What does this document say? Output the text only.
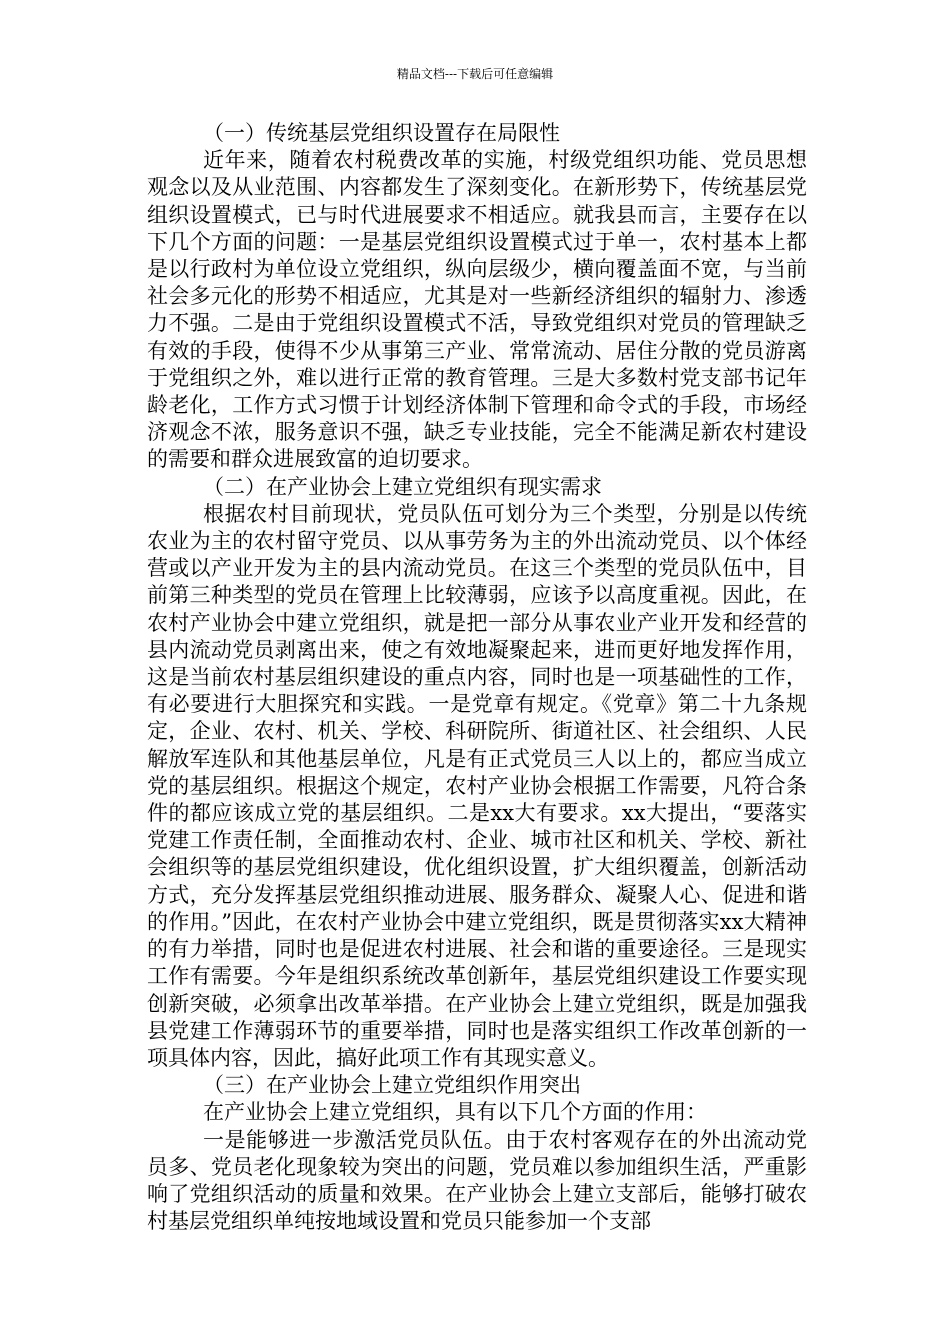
精品文档---下载后可任意编辑

（一）传统基层党组织设置存在局限性

近年来，随着农村税费改革的实施，村级党组织功能、党员思想观念以及从业范围、内容都发生了深刻变化。在新形势下，传统基层党组织设置模式，已与时代进展要求不相适应。就我县而言，主要存在以下几个方面的问题：一是基层党组织设置模式过于单一，农村基本上都是以行政村为单位设立党组织，纵向层级少，横向覆盖面不宽，与当前社会多元化的形势不相适应，尤其是对一些新经济组织的辐射力、渗透力不强。二是由于党组织设置模式不活，导致党组织对党员的管理缺乏有效的手段，使得不少从事第三产业、常常流动、居住分散的党员游离于党组织之外，难以进行正常的教育管理。三是大多数村党支部书记年龄老化，工作方式习惯于计划经济体制下管理和命令式的手段，市场经济观念不浓，服务意识不强，缺乏专业技能，完全不能满足新农村建设的需要和群众进展致富的迫切要求。

（二）在产业协会上建立党组织有现实需求

根据农村目前现状，党员队伍可划分为三个类型，分别是以传统农业为主的农村留守党员、以从事劳务为主的外出流动党员、以个体经营或以产业开发为主的县内流动党员。在这三个类型的党员队伍中，目前第三种类型的党员在管理上比较薄弱，应该予以高度重视。因此，在农村产业协会中建立党组织，就是把一部分从事农业产业开发和经营的县内流动党员剥离出来，使之有效地凝聚起来，进而更好地发挥作用，这是当前农村基层组织建设的重点内容，同时也是一项基础性的工作，有必要进行大胆探究和实践。一是党章有规定。《党章》第二十九条规定，企业、农村、机关、学校、科研院所、街道社区、社会组织、人民解放军连队和其他基层单位，凡是有正式党员三人以上的，都应当成立党的基层组织。根据这个规定，农村产业协会根据工作需要，凡符合条件的都应该成立党的基层组织。二是xx大有要求。xx大提出，“要落实党建工作责任制，全面推动农村、企业、城市社区和机关、学校、新社会组织等的基层党组织建设，优化组织设置，扩大组织覆盖，创新活动方式，充分发挥基层党组织推动进展、服务群众、凝聚人心、促进和谐的作用。”因此，在农村产业协会中建立党组织，既是贯彻落实xx大精神的有力举措，同时也是促进农村进展、社会和谐的重要途径。三是现实工作有需要。今年是组织系统改革创新年，基层党组织建设工作要实现创新突破，必须拿出改革举措。在产业协会上建立党组织，既是加强我县党建工作薄弱环节的重要举措，同时也是落实组织工作改革创新的一项具体内容，因此，搞好此项工作有其现实意义。

（三）在产业协会上建立党组织作用突出

在产业协会上建立党组织，具有以下几个方面的作用：

一是能够进一步激活党员队伍。由于农村客观存在的外出流动党员多、党员老化现象较为突出的问题，党员难以参加组织生活，严重影响了党组织活动的质量和效果。在产业协会上建立支部后，能够打破农村基层党组织单纯按地域设置和党员只能参加一个支部
